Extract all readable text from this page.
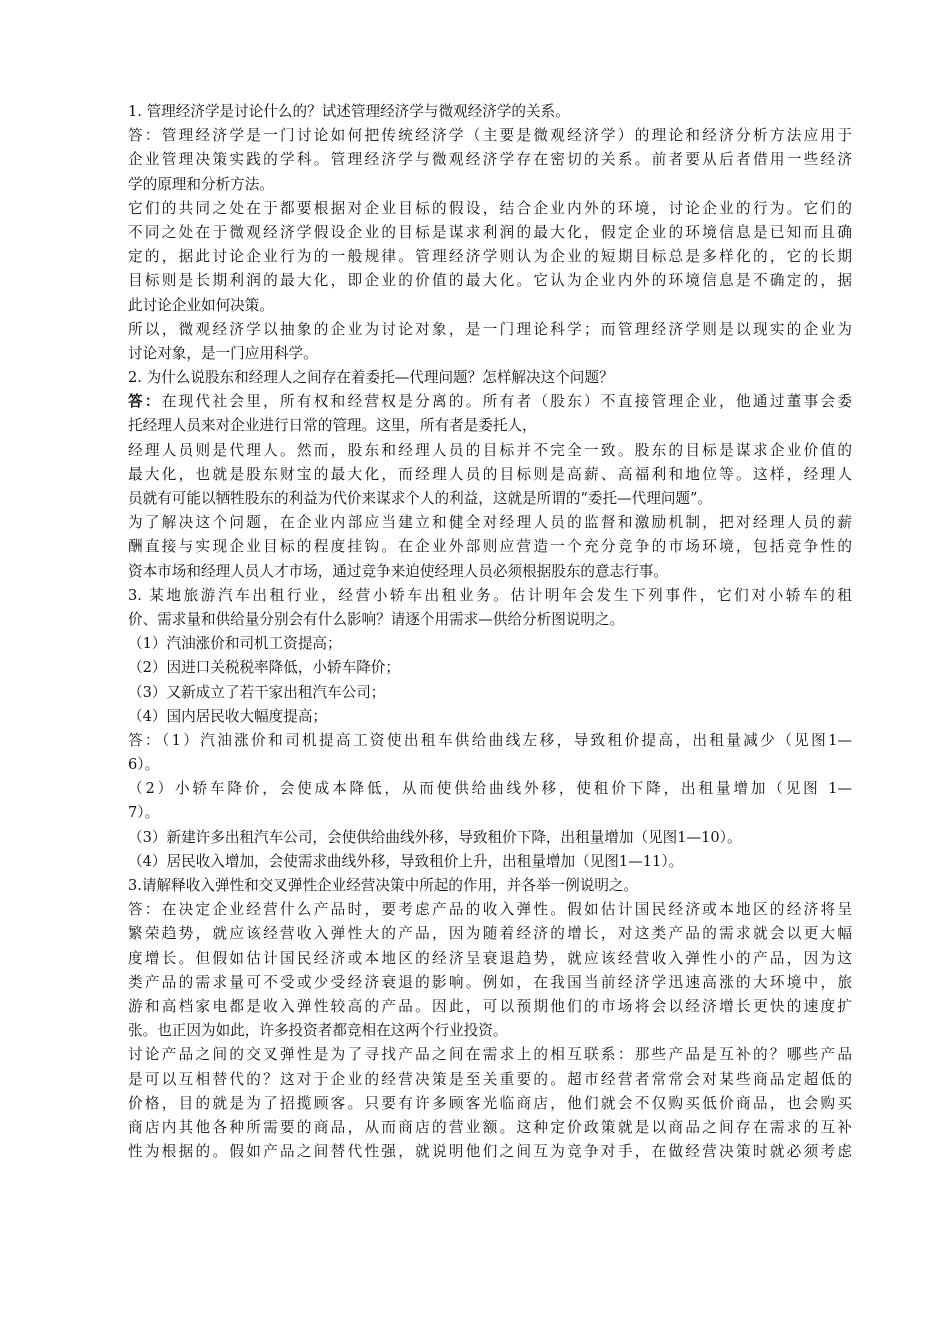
1. 管理经济学是讨论什么的？试述管理经济学与微观经济学的关系。
答：管理经济学是一门讨论如何把传统经济学（主要是微观经济学）的理论和经济分析方法应用于
企业管理决策实践的学科。管理经济学与微观经济学存在密切的关系。前者要从后者借用一些经济
学的原理和分析方法。
它们的共同之处在于都要根据对企业目标的假设，结合企业内外的环境，讨论企业的行为。它们的
不同之处在于微观经济学假设企业的目标是谋求利润的最大化，假定企业的环境信息是已知而且确
定的，据此讨论企业行为的一般规律。管理经济学则认为企业的短期目标总是多样化的，它的长期
目标则是长期利润的最大化，即企业的价值的最大化。它认为企业内外的环境信息是不确定的，据
此讨论企业如何决策。
所以，微观经济学以抽象的企业为讨论对象，是一门理论科学；而管理经济学则是以现实的企业为
讨论对象，是一门应用科学。
2. 为什么说股东和经理人之间存在着委托—代理问题？怎样解决这个问题？
答：在现代社会里，所有权和经营权是分离的。所有者（股东）不直接管理企业，他通过董事会委
托经理人员来对企业进行日常的管理。这里，所有者是委托人，
经理人员则是代理人。然而，股东和经理人员的目标并不完全一致。股东的目标是谋求企业价值的
最大化，也就是股东财宝的最大化，而经理人员的目标则是高薪、高福利和地位等。这样，经理人
员就有可能以牺牲股东的利益为代价来谋求个人的利益，这就是所谓的“委托—代理问题”。
为了解决这个问题，在企业内部应当建立和健全对经理人员的监督和激励机制，把对经理人员的薪
酬直接与实现企业目标的程度挂钩。在企业外部则应营造一个充分竞争的市场环境，包括竞争性的
资本市场和经理人员人才市场，通过竞争来迫使经理人员必须根据股东的意志行事。
3. 某地旅游汽车出租行业，经营小轿车出租业务。估计明年会发生下列事件，它们对小轿车的租
价、需求量和供给量分别会有什么影响？请逐个用需求—供给分析图说明之。
（1）汽油涨价和司机工资提高；
（2）因进口关税税率降低，小轿车降价；
（3）又新成立了若干家出租汽车公司；
（4）国内居民收大幅度提高；
答：（1）汽油涨价和司机提高工资使出租车供给曲线左移，导致租价提高，出租量减少（见图1—
6）。
（2）小轿车降价，会使成本降低，从而使供给曲线外移，使租价下降，出租量增加（见图 1—
7）。
（3）新建许多出租汽车公司，会使供给曲线外移，导致租价下降，出租量增加（见图1—10）。
（4）居民收入增加，会使需求曲线外移，导致租价上升，出租量增加（见图1—11）。
3.请解释收入弹性和交叉弹性企业经营决策中所起的作用，并各举一例说明之。
答：在决定企业经营什么产品时，要考虑产品的收入弹性。假如估计国民经济或本地区的经济将呈
繁荣趋势，就应该经营收入弹性大的产品，因为随着经济的增长，对这类产品的需求就会以更大幅
度增长。但假如估计国民经济或本地区的经济呈衰退趋势，就应该经营收入弹性小的产品，因为这
类产品的需求量可不受或少受经济衰退的影响。例如，在我国当前经济学迅速高涨的大环境中，旅
游和高档家电都是收入弹性较高的产品。因此，可以预期他们的市场将会以经济增长更快的速度扩
张。也正因为如此，许多投资者都竞相在这两个行业投资。
讨论产品之间的交叉弹性是为了寻找产品之间在需求上的相互联系：那些产品是互补的？哪些产品
是可以互相替代的？这对于企业的经营决策是至关重要的。超市经营者常常会对某些商品定超低的
价格，目的就是为了招揽顾客。只要有许多顾客光临商店，他们就会不仅购买低价商品，也会购买
商店内其他各种所需要的商品，从而商店的营业额。这种定价政策就是以商品之间存在需求的互补
性为根据的。假如产品之间替代性强，就说明他们之间互为竞争对手，在做经营决策时就必须考虑
